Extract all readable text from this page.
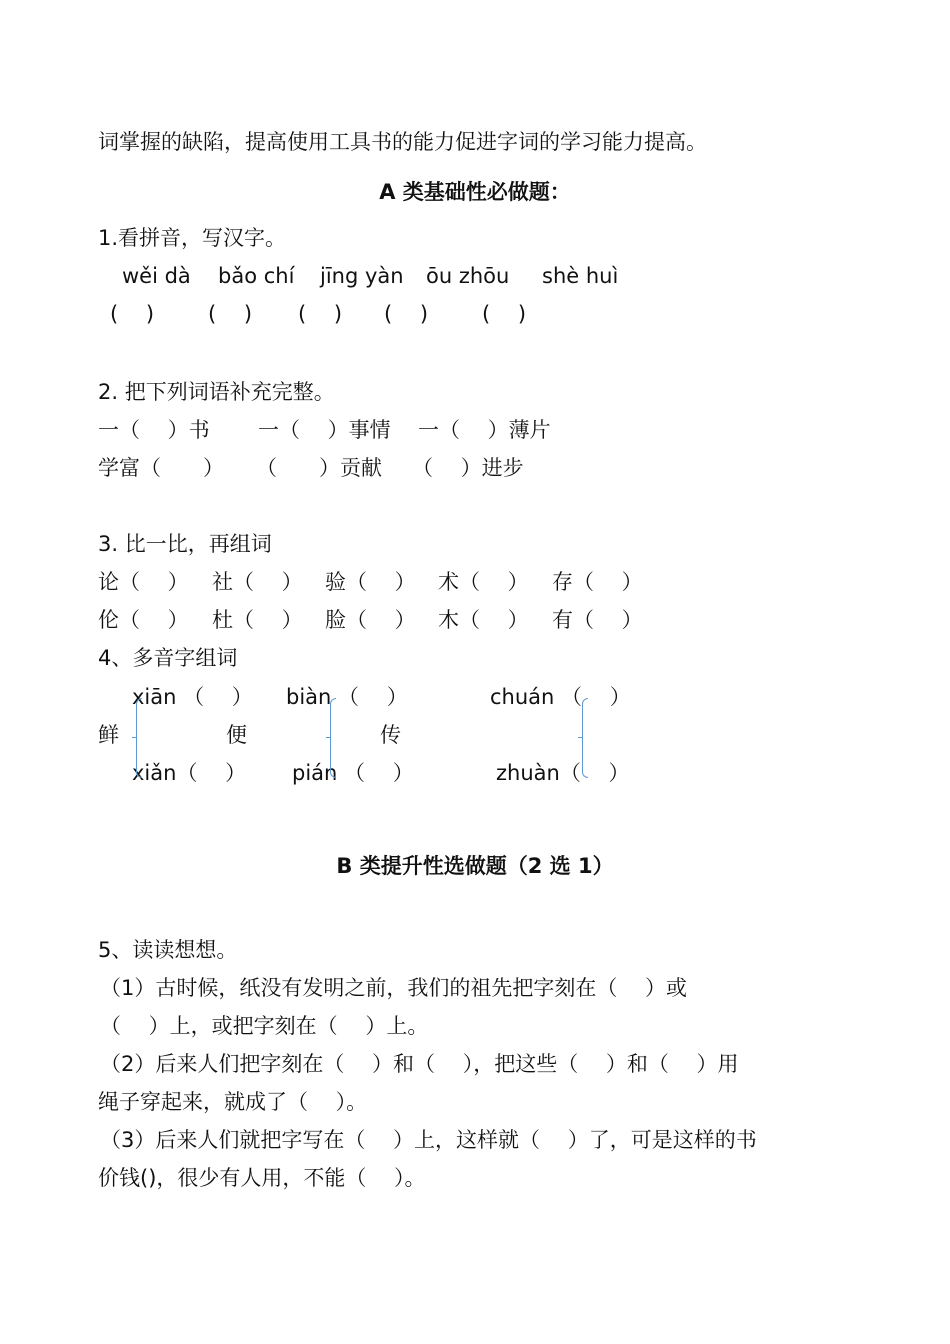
词掌握的缺陷，提高使用工具书的能力促进字词的学习能力提高。
A 类基础性必做题：
1.看拼音，写汉字。
wěi dà bǎo chí jīng yàn ōu zhōu shè huì
(　 )	(　 ) (　 ) (　 )	(　 )
2. 把下列词语补充完整。
一（　 ）书 一（　 ）事情 一（　 ）薄片
学富（　　） （　　）贡献 （　 ）进步
3. 比一比，再组词
论（　 ） 社（　 ） 验（　 ） 术（　 ） 存（　 ）
伦（　 ） 杜（　 ） 脸（　 ） 木（　 ） 有（　 ）
4、多音字组词
xiān （　 ） biàn （　 ）	chuán （　 ）
鲜	便	传
xiǎn（　 ） pián （　 ）	zhuàn（　 ）
B 类提升性选做题（2 选 1）
5、读读想想。
（1）古时候，纸没有发明之前，我们的祖先把字刻在（　 ）或
（　 ）上，或把字刻在（　 ）上。
（2）后来人们把字刻在（　 ）和（　 ），把这些（　 ）和（　 ）用
绳子穿起来，就成了（　 ）。
（3）后来人们就把字写在（　 ）上，这样就（　 ）了，可是这样的书
价钱()，很少有人用，不能（　 ）。
